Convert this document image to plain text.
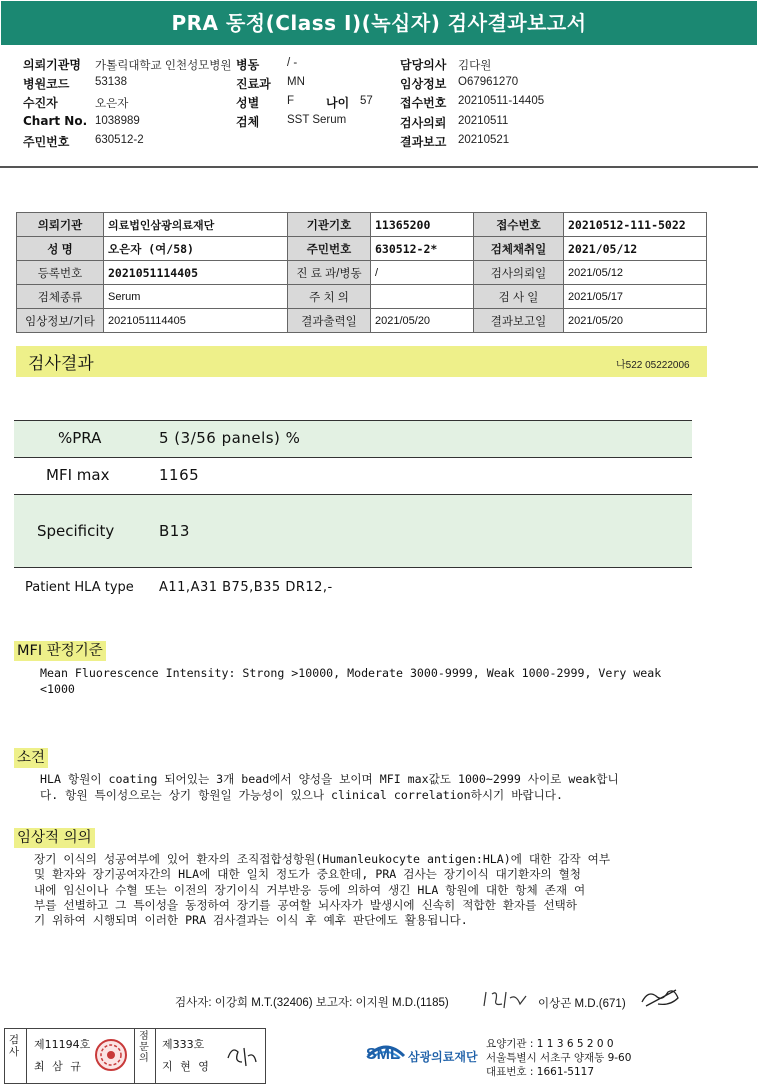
PRA 동정(Class I)(녹십자) 검사결과보고서
의뢰기관명 가톨릭대학교 인천성모병원 병동 / -	담당의사 김다원
병원코드 53138	진료과 MN	임상정보 O67961270
수진자	오은자	성별 F	나이 57 접수번호 20210511-14405
Chart No. 1038989	검체 SST Serum	검사의뢰 20210511
주민번호 630512-2	결과보고 20210521
의뢰기관	의료법인삼광의료재단	기관기호	11365200	접수번호	20210512-111-5022
성 명	오은자 (여/58)	주민번호	630512-2*	검체채취일	2021/05/12
등록번호	2021051114405	진 료 과/병동	/	검사의뢰일	2021/05/12
검체종류	Serum	주 치 의		검 사 일	2021/05/17
임상정보/기타	2021051114405	결과출력일	2021/05/20	결과보고일	2021/05/20
검사결과	나522 05222006
%PRA	5 (3/56 panels) %
MFI max	1165
Specificity	B13
Patient HLA type A11,A31 B75,B35 DR12,-
MFI 판정기준
Mean Fluorescence Intensity: Strong >10000, Moderate 3000-9999, Weak 1000-2999, Very weak
<1000
소견
HLA 항원이 coating 되어있는 3개 bead에서 양성을 보이며 MFI max값도 1000~2999 사이로 weak합니
다. 항원 특이성으로는 상기 항원일 가능성이 있으나 clinical correlation하시기 바랍니다.
임상적 의의
장기 이식의 성공여부에 있어 환자의 조직접합성항원(Humanleukocyte antigen:HLA)에 대한 감작 여부
및 환자와 장기공여자간의 HLA에 대한 일치 정도가 중요한데, PRA 검사는 장기이식 대기환자의 혈청
내에 임신이나 수혈 또는 이전의 장기이식 거부반응 등에 의하여 생긴 HLA 항원에 대한 항체 존재 여
부를 선별하고 그 특이성을 동정하여 장기를 공여할 뇌사자가 발생시에 신속히 적합한 환자를 선택하
기 위하여 시행되며 이러한 PRA 검사결과는 이식 후 예후 판단에도 활용됩니다.
검사자: 이강희 M.T.(32406) 보고자: 이지원 M.D.(1185)	이상곤 M.D.(671)
검사
제11194호
최 삼 규
점문의
제333호
지 현 영
SML 삼광의료재단
요양기관 : 1 1 3 6 5 2 0 0
서울특별시 서초구 양재동 9-60
대표번호 : 1661-5117
